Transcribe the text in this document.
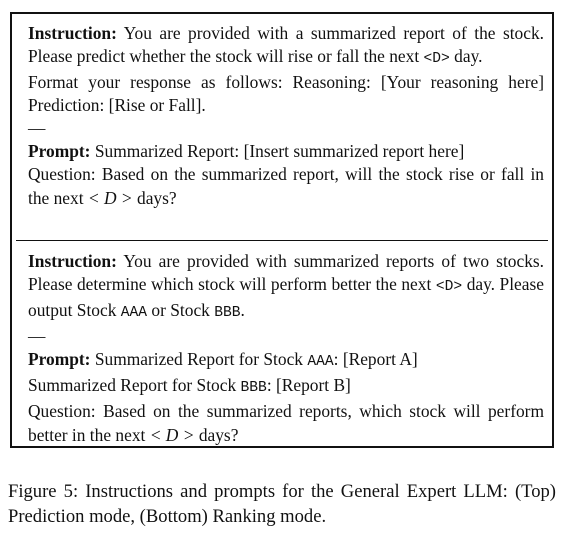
Instruction: You are provided with a summarized report of the stock. Please predict whether the stock will rise or fall the next <D> day.

Format your response as follows: Reasoning: [Your reasoning here] Prediction: [Rise or Fall].

—

Prompt: Summarized Report: [Insert summarized report here]

Question: Based on the summarized report, will the stock rise or fall in the next < D > days?

Instruction: You are provided with summarized reports of two stocks. Please determine which stock will perform better the next <D> day. Please output Stock AAA or Stock BBB.

—

Prompt: Summarized Report for Stock AAA: [Report A]

Summarized Report for Stock BBB: [Report B]

Question: Based on the summarized reports, which stock will perform better in the next < D > days?

Figure 5: Instructions and prompts for the General Expert LLM: (Top) Prediction mode, (Bottom) Ranking mode.
